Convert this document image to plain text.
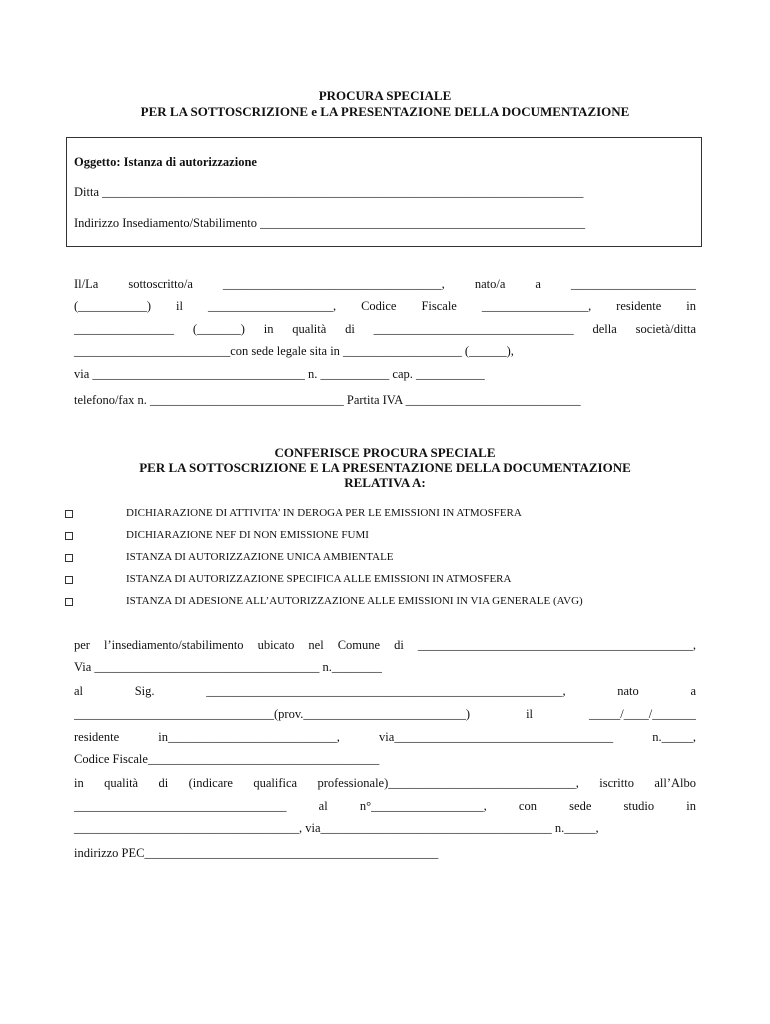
PROCURA SPECIALE
PER LA SOTTOSCRIZIONE e LA PRESENTAZIONE DELLA DOCUMENTAZIONE
Oggetto: Istanza di autorizzazione
Ditta _____________________________________________________________________________
Indirizzo Insediamento/Stabilimento ____________________________________________________
Il/La sottoscritto/a ___________________________________, nato/a a ____________________
(___________) il ____________________, Codice Fiscale _________________, residente in
________________ (_______) in qualità di ________________________________ della società/ditta
_________________________con sede legale sita in ___________________ (______),
via __________________________________ n. ___________ cap. ___________
telefono/fax n. _______________________________ Partita IVA ____________________________
CONFERISCE PROCURA SPECIALE
PER LA SOTTOSCRIZIONE E LA PRESENTAZIONE DELLA DOCUMENTAZIONE
RELATIVA A:
DICHIARAZIONE DI ATTIVITA’ IN DEROGA PER LE EMISSIONI IN ATMOSFERA
DICHIARAZIONE NEF DI NON EMISSIONE FUMI
ISTANZA DI AUTORIZZAZIONE UNICA AMBIENTALE
ISTANZA DI AUTORIZZAZIONE SPECIFICA ALLE EMISSIONI IN ATMOSFERA
ISTANZA DI ADESIONE ALL’AUTORIZZAZIONE ALLE EMISSIONI IN VIA GENERALE (AVG)
per l’insediamento/stabilimento ubicato nel Comune di ____________________________________________,
Via ____________________________________ n.________
al Sig. _________________________________________________________, nato a
________________________________(prov.__________________________) il _____/____/_______
residente in___________________________, via___________________________________ n._____,
Codice Fiscale_____________________________________
in qualità di (indicare qualifica professionale)______________________________, iscritto all’Albo
__________________________________ al n°__________________, con sede studio in
____________________________________, via_____________________________________ n._____,
indirizzo PEC_______________________________________________
